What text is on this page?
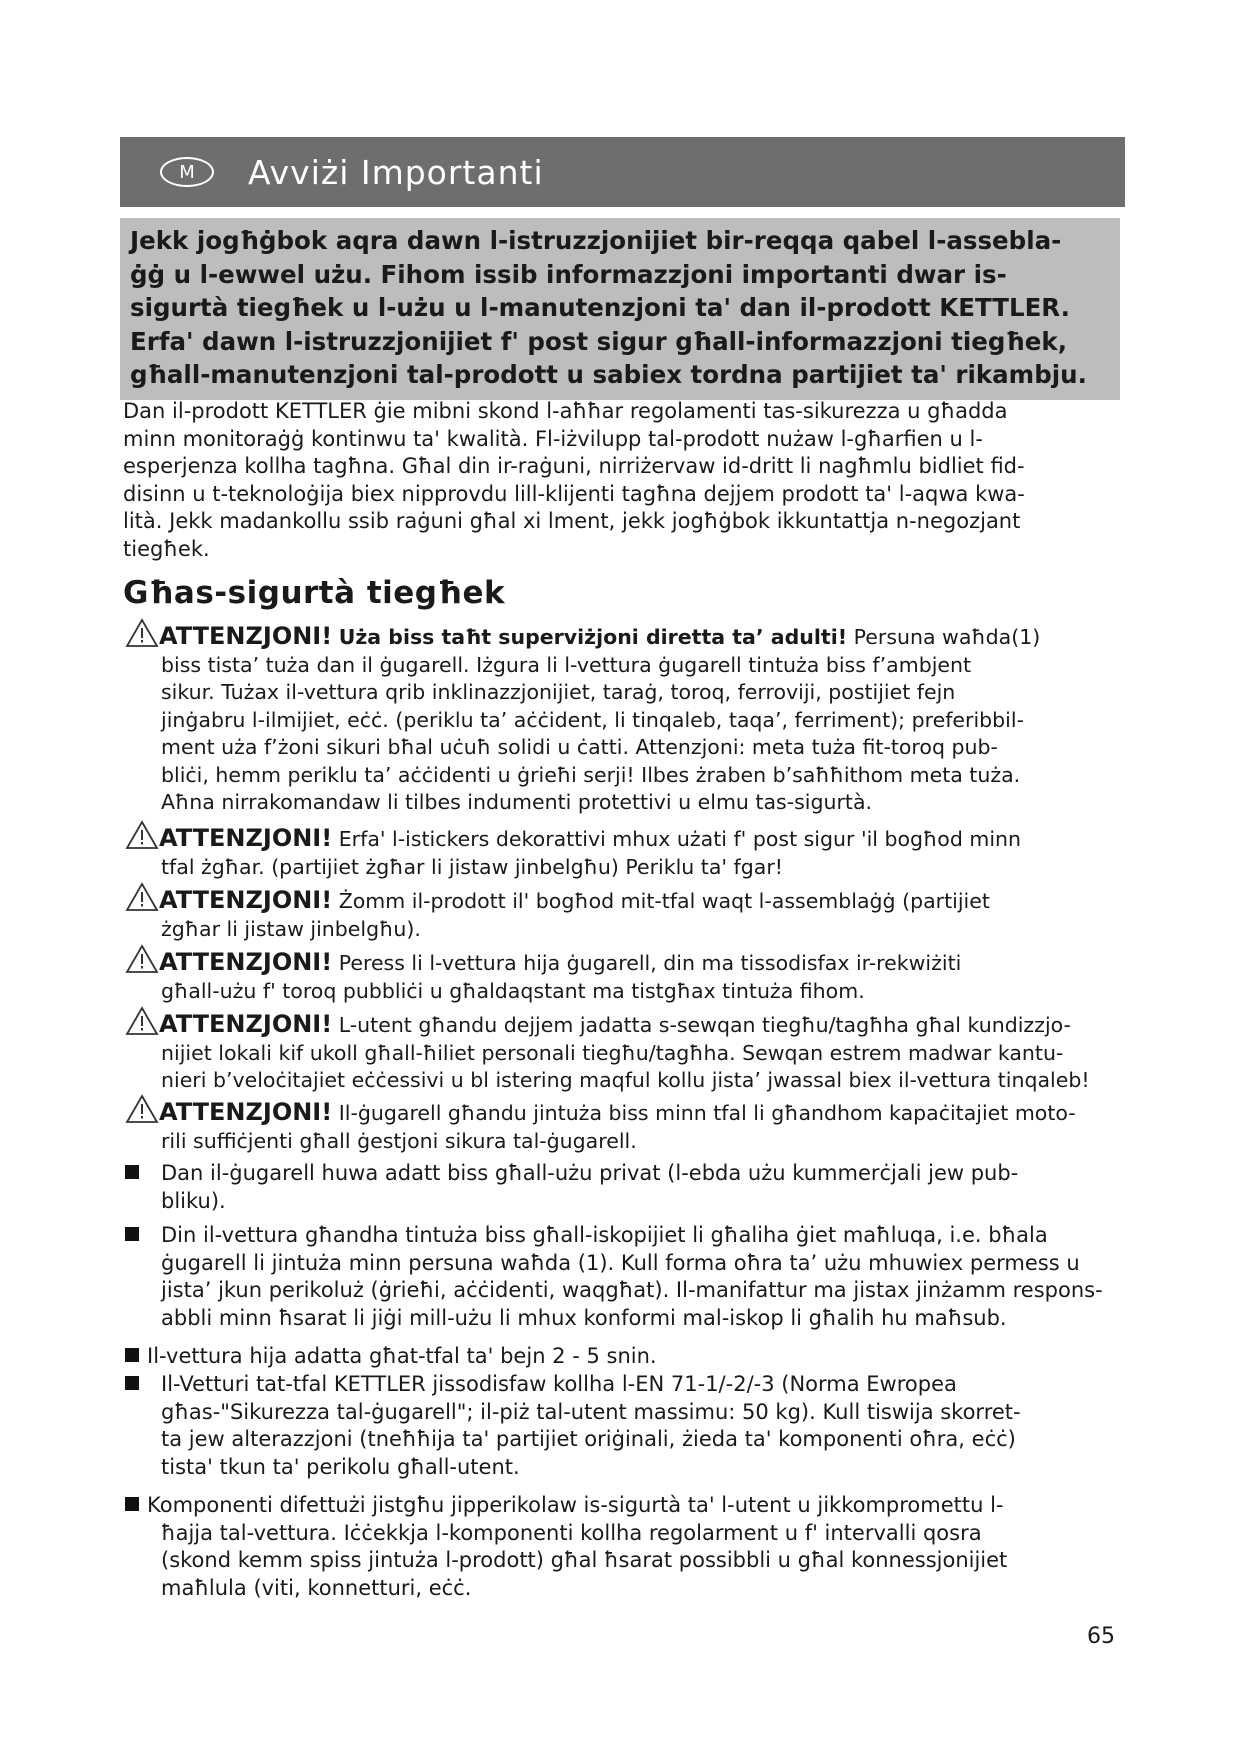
M Avviżi Importanti
Jekk jogħġbok aqra dawn l-istruzzjonijiet bir-reqqa qabel l-assebla-
ġġ u l-ewwel użu. Fihom issib informazzjoni importanti dwar is-
sigurtà tiegħek u l-użu u l-manutenzjoni ta' dan il-prodott KETTLER.
Erfa' dawn l-istruzzjonijiet f' post sigur għall-informazzjoni tiegħek,
għall-manutenzjoni tal-prodott u sabiex tordna partijiet ta' rikambju.
Dan il-prodott KETTLER ġie mibni skond l-aħħar regolamenti tas-sikurezza u għadda
minn monitoraġġ kontinwu ta' kwalità. Fl-iżvilupp tal-prodott nużaw l-għarfien u l-
esperjenza kollha tagħna. Għal din ir-raġuni, nirriżervaw id-dritt li nagħmlu bidliet fid-
disinn u t-teknoloġija biex nipprovdu lill-klijenti tagħna dejjem prodott ta' l-aqwa kwa-
lità. Jekk madankollu ssib raġuni għal xi lment, jekk jogħġbok ikkuntattja n-negozjant
tiegħek.
Għas-sigurtà tiegħek
ATTENZJONI! Uża biss taħt superviżjoni diretta ta’ adulti! Persuna waħda(1)
biss tista’ tuża dan il ġugarell. Iżgura li l-vettura ġugarell tintuża biss f’ambjent
sikur. Tużax il-vettura qrib inklinazzjonijiet, taraġ, toroq, ferroviji, postijiet fejn
jinġabru l-ilmijiet, eċċ. (periklu ta’ aċċident, li tinqaleb, taqa’, ferriment); preferibbil-
ment uża f’żoni sikuri bħal uċuħ solidi u ċatti. Attenzjoni: meta tuża fit-toroq pub-
bliċi, hemm periklu ta’ aċċidenti u ġrieħi serji! Ilbes żraben b’saħħithom meta tuża.
Aħna nirrakomandaw li tilbes indumenti protettivi u elmu tas-sigurtà.
ATTENZJONI! Erfa' l-istickers dekorattivi mhux użati f' post sigur 'il bogħod minn
tfal żgħar. (partijiet żgħar li jistaw jinbelgħu) Periklu ta' fgar!
ATTENZJONI! Żomm il-prodott il' bogħod mit-tfal waqt l-assemblaġġ (partijiet
żgħar li jistaw jinbelgħu).
ATTENZJONI! Peress li l-vettura hija ġugarell, din ma tissodisfax ir-rekwiżiti
għall-użu f' toroq pubbliċi u għaldaqstant ma tistgħax tintuża fihom.
ATTENZJONI! L-utent għandu dejjem jadatta s-sewqan tiegħu/tagħha għal kundizzjo-
nijiet lokali kif ukoll għall-ħiliet personali tiegħu/tagħha. Sewqan estrem madwar kantu-
nieri b’veloċitajiet eċċessivi u bl istering maqful kollu jista’ jwassal biex il-vettura tinqaleb!
ATTENZJONI! Il-ġugarell għandu jintuża biss minn tfal li għandhom kapaċitajiet moto-
rili suffiċjenti għall ġestjoni sikura tal-ġugarell.
Dan il-ġugarell huwa adatt biss għall-użu privat (l-ebda użu kummerċjali jew pub-
bliku).
Din il-vettura għandha tintuża biss għall-iskopijiet li għaliha ġiet maħluqa, i.e. bħala
ġugarell li jintuża minn persuna waħda (1). Kull forma oħra ta’ użu mhuwiex permess u
jista’ jkun perikoluż (ġrieħi, aċċidenti, waqgħat). Il-manifattur ma jistax jinżamm respons-
abbli minn ħsarat li jiġi mill-użu li mhux konformi mal-iskop li għalih hu maħsub.
Il-vettura hija adatta għat-tfal ta' bejn 2 - 5 snin.
Il-Vetturi tat-tfal KETTLER jissodisfaw kollha l-EN 71-1/-2/-3 (Norma Ewropea
għas-"Sikurezza tal-ġugarell"; il-piż tal-utent massimu: 50 kg). Kull tiswija skorret-
ta jew alterazzjoni (tneħħija ta' partijiet oriġinali, żieda ta' komponenti oħra, eċċ)
tista' tkun ta' perikolu għall-utent.
Komponenti difettużi jistgħu jipperikolaw is-sigurtà ta' l-utent u jikkompromettu l-
ħajja tal-vettura. Iċċekkja l-komponenti kollha regolarment u f' intervalli qosra
(skond kemm spiss jintuża l-prodott) għal ħsarat possibbli u għal konnessjonijiet
maħlula (viti, konnetturi, eċċ.
65
